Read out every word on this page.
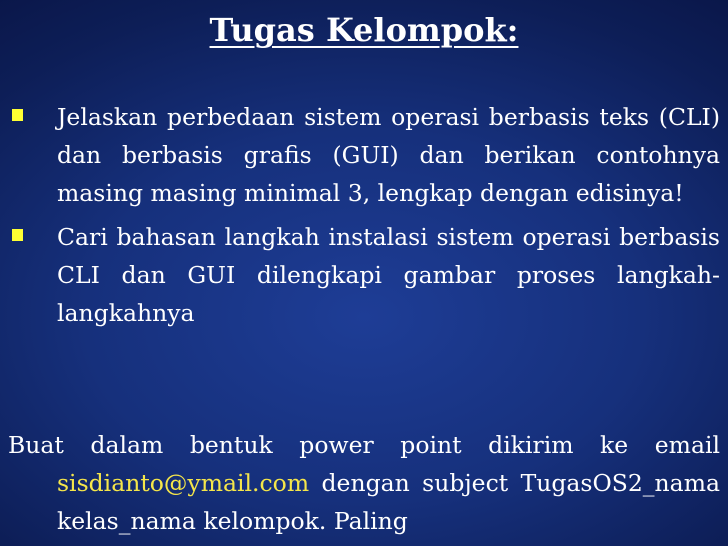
Tugas Kelompok:
Jelaskan perbedaan sistem operasi berbasis teks (CLI) dan berbasis grafis (GUI) dan berikan contohnya masing masing minimal 3, lengkap dengan edisinya!
Cari bahasan langkah instalasi sistem operasi berbasis CLI dan GUI dilengkapi gambar proses langkah-langkahnya
Buat dalam bentuk power point dikirim ke email sisdianto@ymail.com dengan subject TugasOS2_nama kelas_nama kelompok. Paling
